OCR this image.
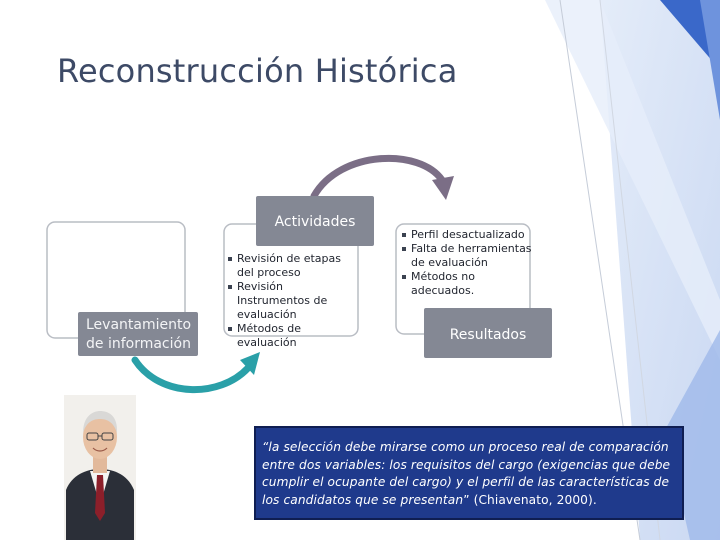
Reconstrucción Histórica
Levantamiento de información
Actividades
Revisión de etapas del proceso
Revisión Instrumentos de evaluación
Métodos de evaluación
Perfil desactualizado
Falta de herramientas de evaluación
Métodos no adecuados.
Resultados
“la selección debe mirarse como un proceso real de comparación entre dos variables: los requisitos del cargo (exigencias que debe cumplir el ocupante del cargo) y el perfil de las características de los candidatos que se presentan” (Chiavenato, 2000).
